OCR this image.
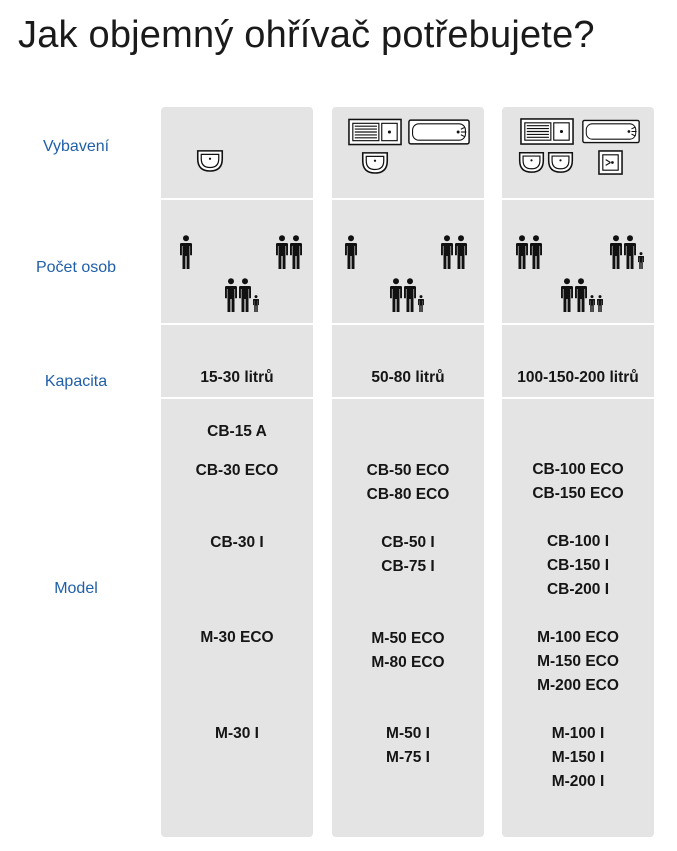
Jak objemný ohřívač potřebujete?
Vybavení
Počet osob
Kapacita
Model
15-30 litrů	50-80 litrů	100-150-200 litrů
CB-15 A
CB-30 ECO
CB-30 I
M-30 ECO
M-30 I
CB-50 ECO
CB-80 ECO
CB-50 I
CB-75 I
M-50 ECO
M-80 ECO
M-50 I
M-75 I
CB-100 ECO
CB-150 ECO
CB-100 I
CB-150 I
CB-200 I
M-100 ECO
M-150 ECO
M-200 ECO
M-100 I
M-150 I
M-200 I
